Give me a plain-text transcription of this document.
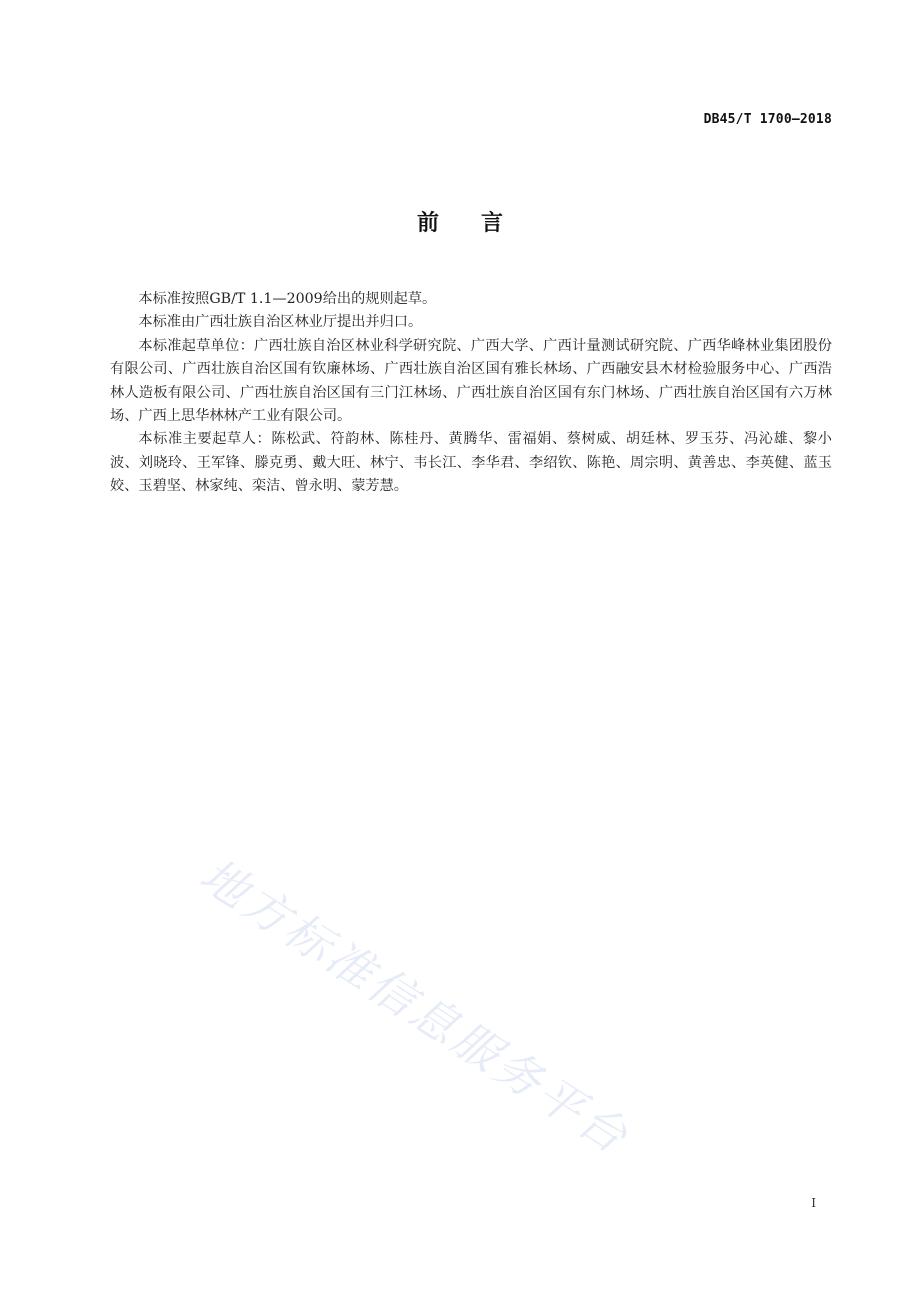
DB45/T 1700—2018
前言

本标准按照GB/T 1.1—2009给出的规则起草。

本标准由广西壮族自治区林业厅提出并归口。

本标准起草单位：广西壮族自治区林业科学研究院、广西大学、广西计量测试研究院、广西华峰林业集团股份有限公司、广西壮族自治区国有钦廉林场、广西壮族自治区国有雅长林场、广西融安县木材检验服务中心、广西浩林人造板有限公司、广西壮族自治区国有三门江林场、广西壮族自治区国有东门林场、广西壮族自治区国有六万林场、广西上思华林林产工业有限公司。

本标准主要起草人：陈松武、符韵林、陈桂丹、黄腾华、雷福娟、蔡树威、胡廷林、罗玉芬、冯沁雄、黎小波、刘晓玲、王军锋、滕克勇、戴大旺、林宁、韦长江、李华君、李绍钦、陈艳、周宗明、黄善忠、李英健、蓝玉姣、玉碧坚、林家纯、栾洁、曾永明、蒙芳慧。

地方标准信息服务平台
I
